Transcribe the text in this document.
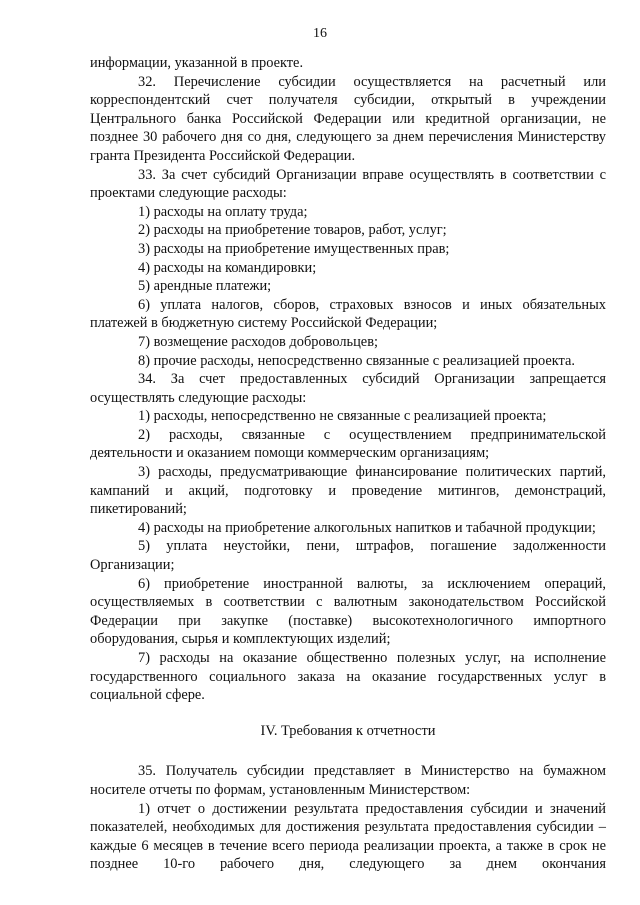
16

информации, указанной в проекте.

32. Перечисление субсидии осуществляется на расчетный или корреспондентский счет получателя субсидии, открытый в учреждении Центрального банка Российской Федерации или кредитной организации, не позднее 30 рабочего дня со дня, следующего за днем перечисления Министерству гранта Президента Российской Федерации.

33. За счет субсидий Организации вправе осуществлять в соответствии с проектами следующие расходы:

1) расходы на оплату труда;

2) расходы на приобретение товаров, работ, услуг;

3) расходы на приобретение имущественных прав;

4) расходы на командировки;

5) арендные платежи;

6) уплата налогов, сборов, страховых взносов и иных обязательных платежей в бюджетную систему Российской Федерации;

7) возмещение расходов добровольцев;

8) прочие расходы, непосредственно связанные с реализацией проекта.

34. За счет предоставленных субсидий Организации запрещается осуществлять следующие расходы:

1) расходы, непосредственно не связанные с реализацией проекта;

2) расходы, связанные с осуществлением предпринимательской деятельности и оказанием помощи коммерческим организациям;

3) расходы, предусматривающие финансирование политических партий, кампаний и акций, подготовку и проведение митингов, демонстраций, пикетирований;

4) расходы на приобретение алкогольных напитков и табачной продукции;

5) уплата неустойки, пени, штрафов, погашение задолженности Организации;

6) приобретение иностранной валюты, за исключением операций, осуществляемых в соответствии с валютным законодательством Российской Федерации при закупке (поставке) высокотехнологичного импортного оборудования, сырья и комплектующих изделий;

7) расходы на оказание общественно полезных услуг, на исполнение государственного социального заказа на оказание государственных услуг в социальной сфере.

IV. Требования к отчетности

35. Получатель субсидии представляет в Министерство на бумажном носителе отчеты по формам, установленным Министерством:

1) отчет о достижении результата предоставления субсидии и значений показателей, необходимых для достижения результата предоставления субсидии – каждые 6 месяцев в течение всего периода реализации проекта, а также в срок не позднее 10-го рабочего дня, следующего за днем окончания
